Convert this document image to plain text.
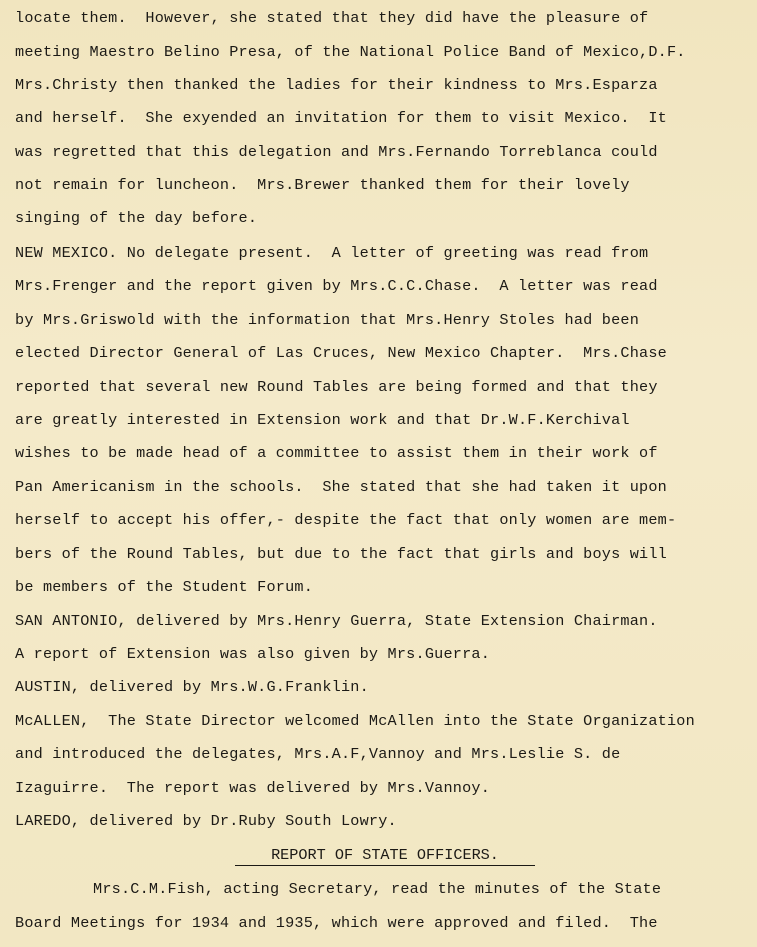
locate them.  However, she stated that they did have the pleasure of
meeting Maestro Belino Presa, of the National Police Band of Mexico,D.F.
Mrs.Christy then thanked the ladies for their kindness to Mrs.Esparza
and herself.  She exyended an invitation for them to visit Mexico.  It
was regretted that this delegation and Mrs.Fernando Torreblanca could
not remain for luncheon.  Mrs.Brewer thanked them for their lovely
singing of the day before.
NEW MEXICO. No delegate present.  A letter of greeting was read from
Mrs.Frenger and the report given by Mrs.C.C.Chase.  A letter was read
by Mrs.Griswold with the information that Mrs.Henry Stoles had been
elected Director General of Las Cruces, New Mexico Chapter.  Mrs.Chase
reported that several new Round Tables are being formed and that they
are greatly interested in Extension work and that Dr.W.F.Kerchival
wishes to be made head of a committee to assist them in their work of
Pan Americanism in the schools.  She stated that she had taken it upon
herself to accept his offer,- despite the fact that only women are mem-
bers of the Round Tables, but due to the fact that girls and boys will
be members of the Student Forum.
SAN ANTONIO, delivered by Mrs.Henry Guerra, State Extension Chairman.
A report of Extension was also given by Mrs.Guerra.
AUSTIN, delivered by Mrs.W.G.Franklin.
McALLEN,  The State Director welcomed McAllen into the State Organization
and introduced the delegates, Mrs.A.F,Vannoy and Mrs.Leslie S. de
Izaguirre.  The report was delivered by Mrs.Vannoy.
LAREDO, delivered by Dr.Ruby South Lowry.
REPORT OF STATE OFFICERS.
Mrs.C.M.Fish, acting Secretary, read the minutes of the State
Board Meetings for 1934 and 1935, which were approved and filed.  The
